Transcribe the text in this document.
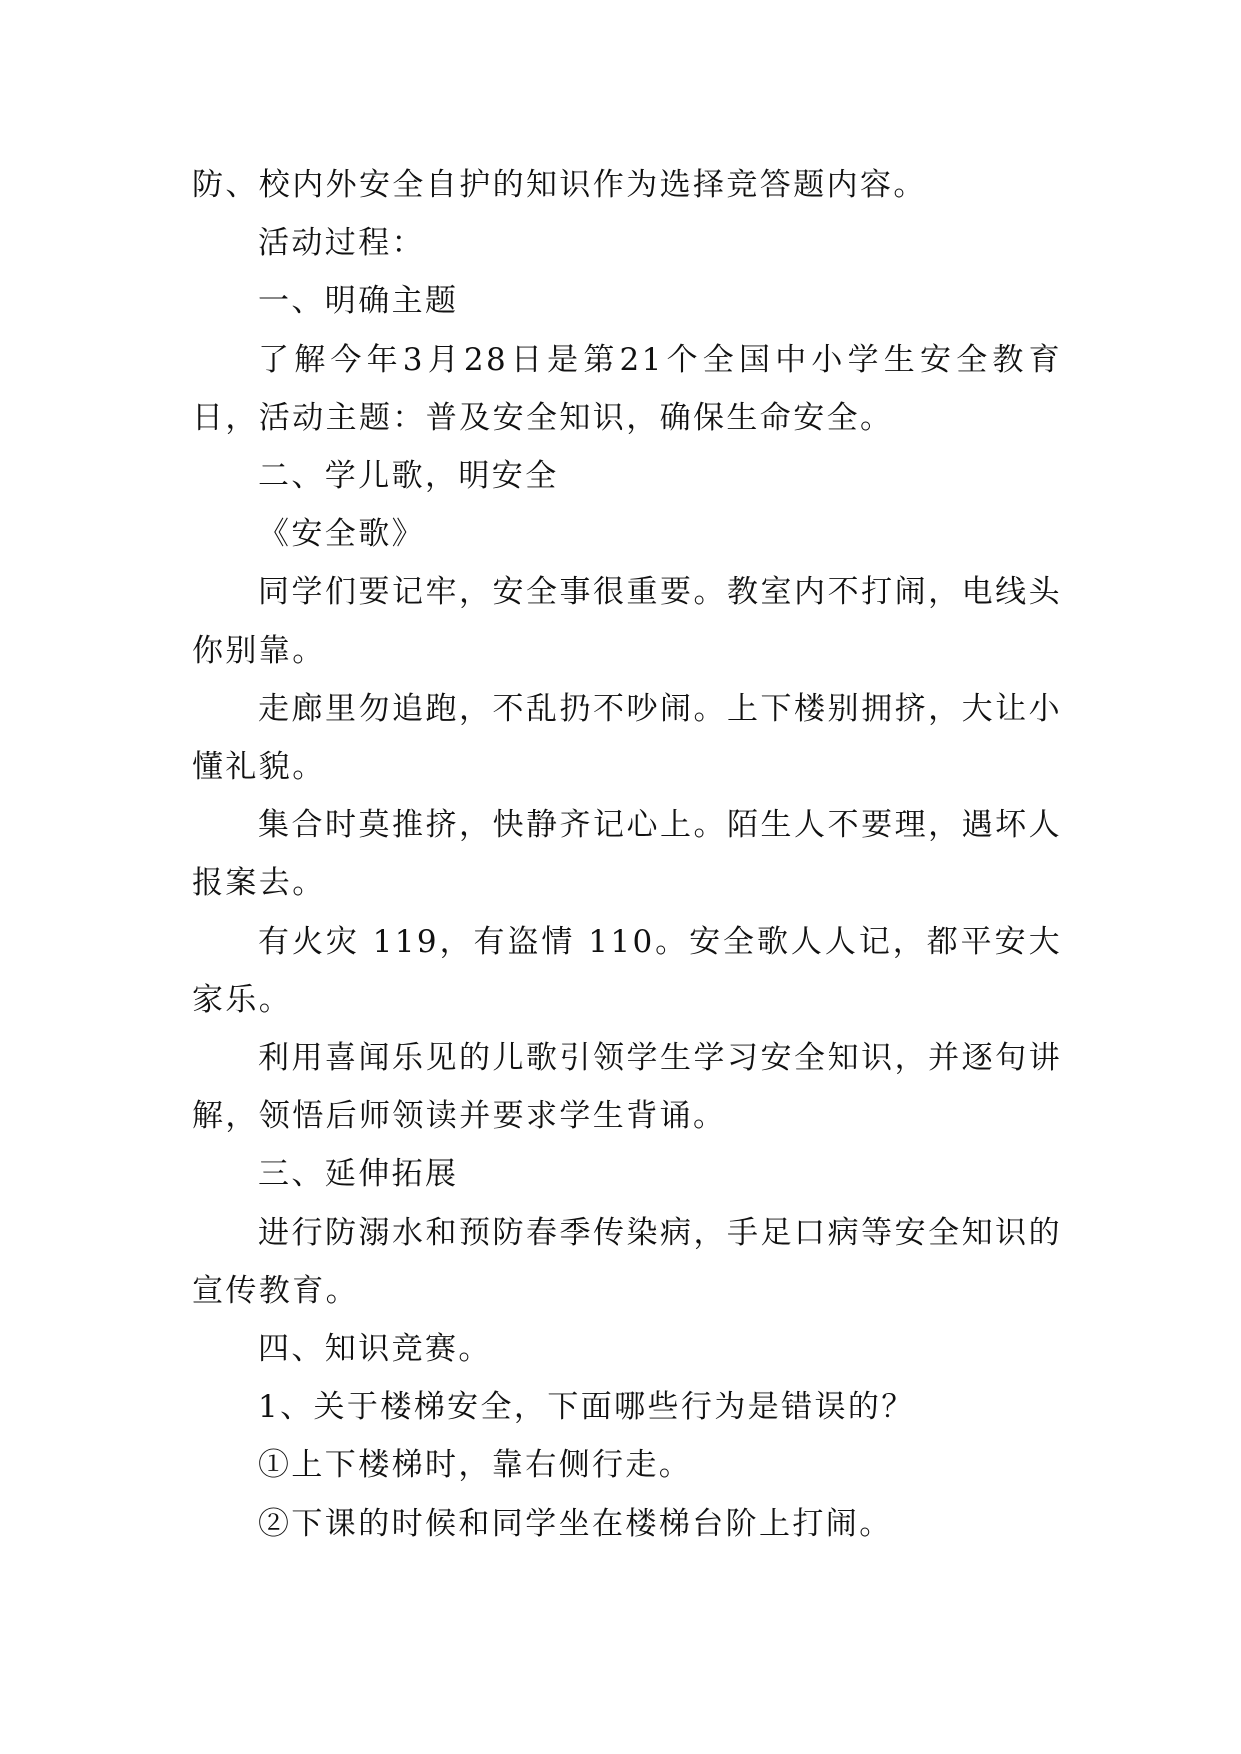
防、校内外安全自护的知识作为选择竞答题内容。

活动过程：

一、明确主题

了解今年3月28日是第21个全国中小学生安全教育日，活动主题：普及安全知识，确保生命安全。

二、学儿歌，明安全

《安全歌》

同学们要记牢，安全事很重要。教室内不打闹，电线头你别靠。

走廊里勿追跑，不乱扔不吵闹。上下楼别拥挤，大让小懂礼貌。

集合时莫推挤，快静齐记心上。陌生人不要理，遇坏人报案去。

有火灾 119，有盗情 110。安全歌人人记，都平安大家乐。

利用喜闻乐见的儿歌引领学生学习安全知识，并逐句讲解，领悟后师领读并要求学生背诵。

三、延伸拓展

进行防溺水和预防春季传染病，手足口病等安全知识的宣传教育。

四、知识竞赛。

1、关于楼梯安全，下面哪些行为是错误的？

①上下楼梯时，靠右侧行走。

②下课的时候和同学坐在楼梯台阶上打闹。
